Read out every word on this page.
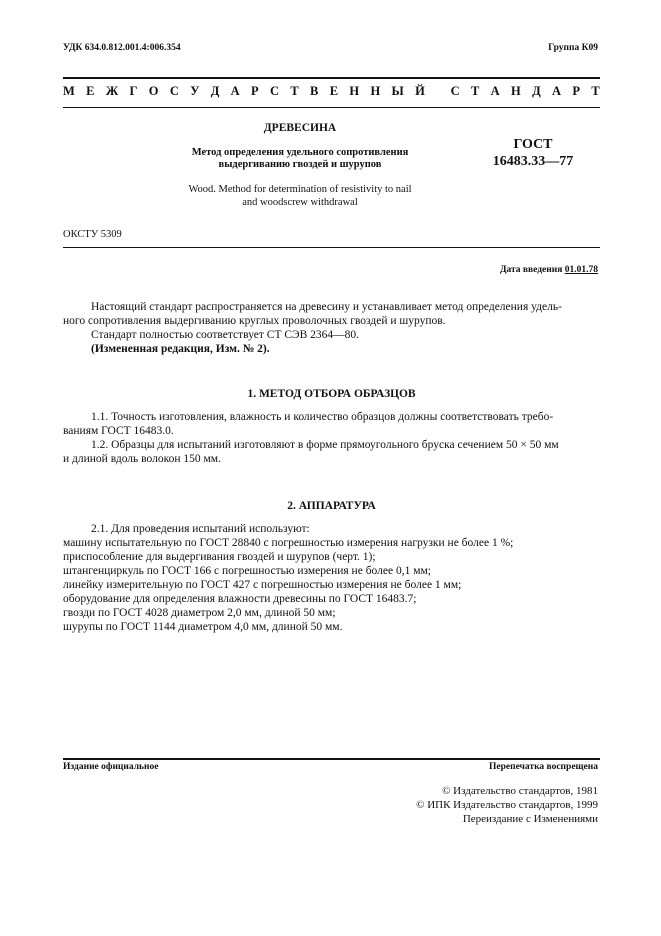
УДК 634.0.812.001.4:006.354	Группа К09
М Е Ж Г О С У Д А Р С Т В Е Н Н Ы Й
С Т А Н Д А Р Т
ДРЕВЕСИНА
Метод определения удельного сопротивления
выдергиванию гвоздей и шурупов
Wood. Method for determination of resistivity to nail
and woodscrew withdrawal
ГОСТ
16483.33—77
ОКСТУ 5309
Дата введения 01.01.78
Настоящий стандарт распространяется на древесину и устанавливает метод определения удель-
ного сопротивления выдергиванию круглых проволочных гвоздей и шурупов.
Стандарт полностью соответствует СТ СЭВ 2364—80.
(Измененная редакция, Изм. № 2).
1. МЕТОД ОТБОРА ОБРАЗЦОВ
1.1. Точность изготовления, влажность и количество образцов должны соответствовать требо-
ваниям ГОСТ 16483.0.
1.2. Образцы для испытаний изготовляют в форме прямоугольного бруска сечением 50 × 50 мм
и длиной вдоль волокон 150 мм.
2. АППАРАТУРА
2.1. Для проведения испытаний используют:
машину испытательную по ГОСТ 28840 с погрешностью измерения нагрузки не более 1 %;
приспособление для выдергивания гвоздей и шурупов (черт. 1);
штангенциркуль по ГОСТ 166 с погрешностью измерения не более 0,1 мм;
линейку измерительную по ГОСТ 427 с погрешностью измерения не более 1 мм;
оборудование для определения влажности древесины по ГОСТ 16483.7;
гвозди по ГОСТ 4028 диаметром 2,0 мм, длиной 50 мм;
шурупы по ГОСТ 1144 диаметром 4,0 мм, длиной 50 мм.
Издание официальное	Перепечатка воспрещена
© Издательство стандартов, 1981
© ИПК Издательство стандартов, 1999
Переиздание с Изменениями
